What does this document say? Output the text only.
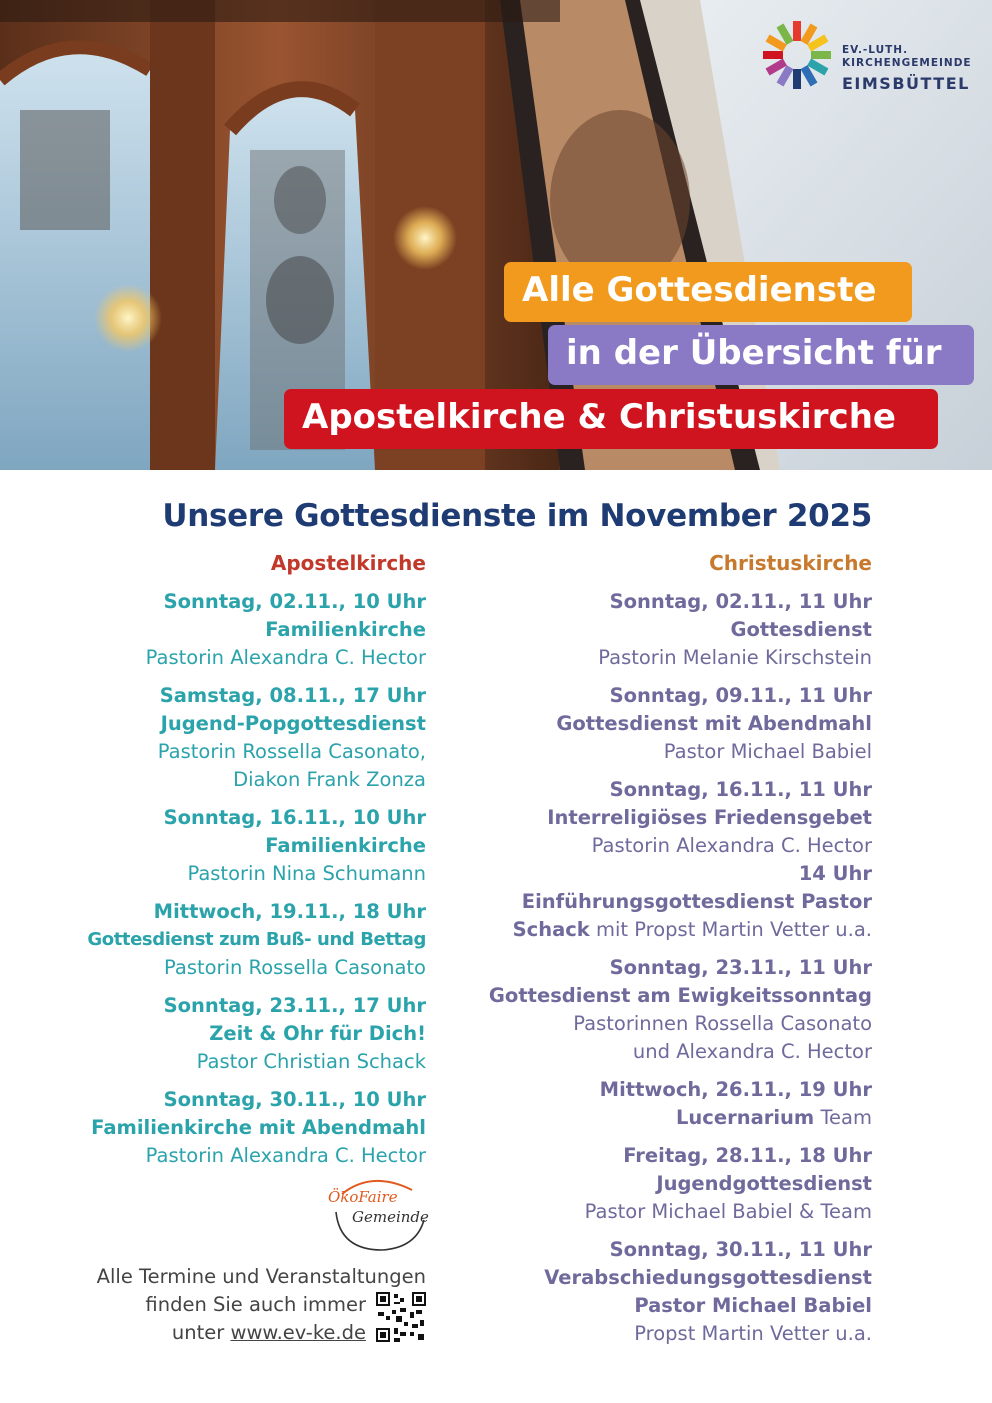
EV.-LUTH.
KIRCHENGEMEINDE
EIMSBÜTTEL
Alle Gottesdienste
in der Übersicht für
Apostelkirche & Christuskirche
Unsere Gottesdienste im November 2025
Apostelkirche
Sonntag, 02.11., 10 Uhr
Familienkirche
Pastorin Alexandra C. Hector
Samstag, 08.11., 17 Uhr
Jugend-Popgottesdienst
Pastorin Rossella Casonato,
Diakon Frank Zonza
Sonntag, 16.11., 10 Uhr
Familienkirche
Pastorin Nina Schumann
Mittwoch, 19.11., 18 Uhr
Gottesdienst zum Buß- und Bettag
Pastorin Rossella Casonato
Sonntag, 23.11., 17 Uhr
Zeit & Ohr für Dich!
Pastor Christian Schack
Sonntag, 30.11., 10 Uhr
Familienkirche mit Abendmahl
Pastorin Alexandra C. Hector
ÖkoFaire
Gemeinde
Alle Termine und Veranstaltungen
finden Sie auch immer
unter www.ev-ke.de
Christuskirche
Sonntag, 02.11., 11 Uhr
Gottesdienst
Pastorin Melanie Kirschstein
Sonntag, 09.11., 11 Uhr
Gottesdienst mit Abendmahl
Pastor Michael Babiel
Sonntag, 16.11., 11 Uhr
Interreligiöses Friedensgebet
Pastorin Alexandra C. Hector
14 Uhr
Einführungsgottesdienst Pastor
Schack mit Propst Martin Vetter u.a.
Sonntag, 23.11., 11 Uhr
Gottesdienst am Ewigkeitssonntag
Pastorinnen Rossella Casonato
und Alexandra C. Hector
Mittwoch, 26.11., 19 Uhr
Lucernarium Team
Freitag, 28.11., 18 Uhr
Jugendgottesdienst
Pastor Michael Babiel & Team
Sonntag, 30.11., 11 Uhr
Verabschiedungsgottesdienst
Pastor Michael Babiel
Propst Martin Vetter u.a.
